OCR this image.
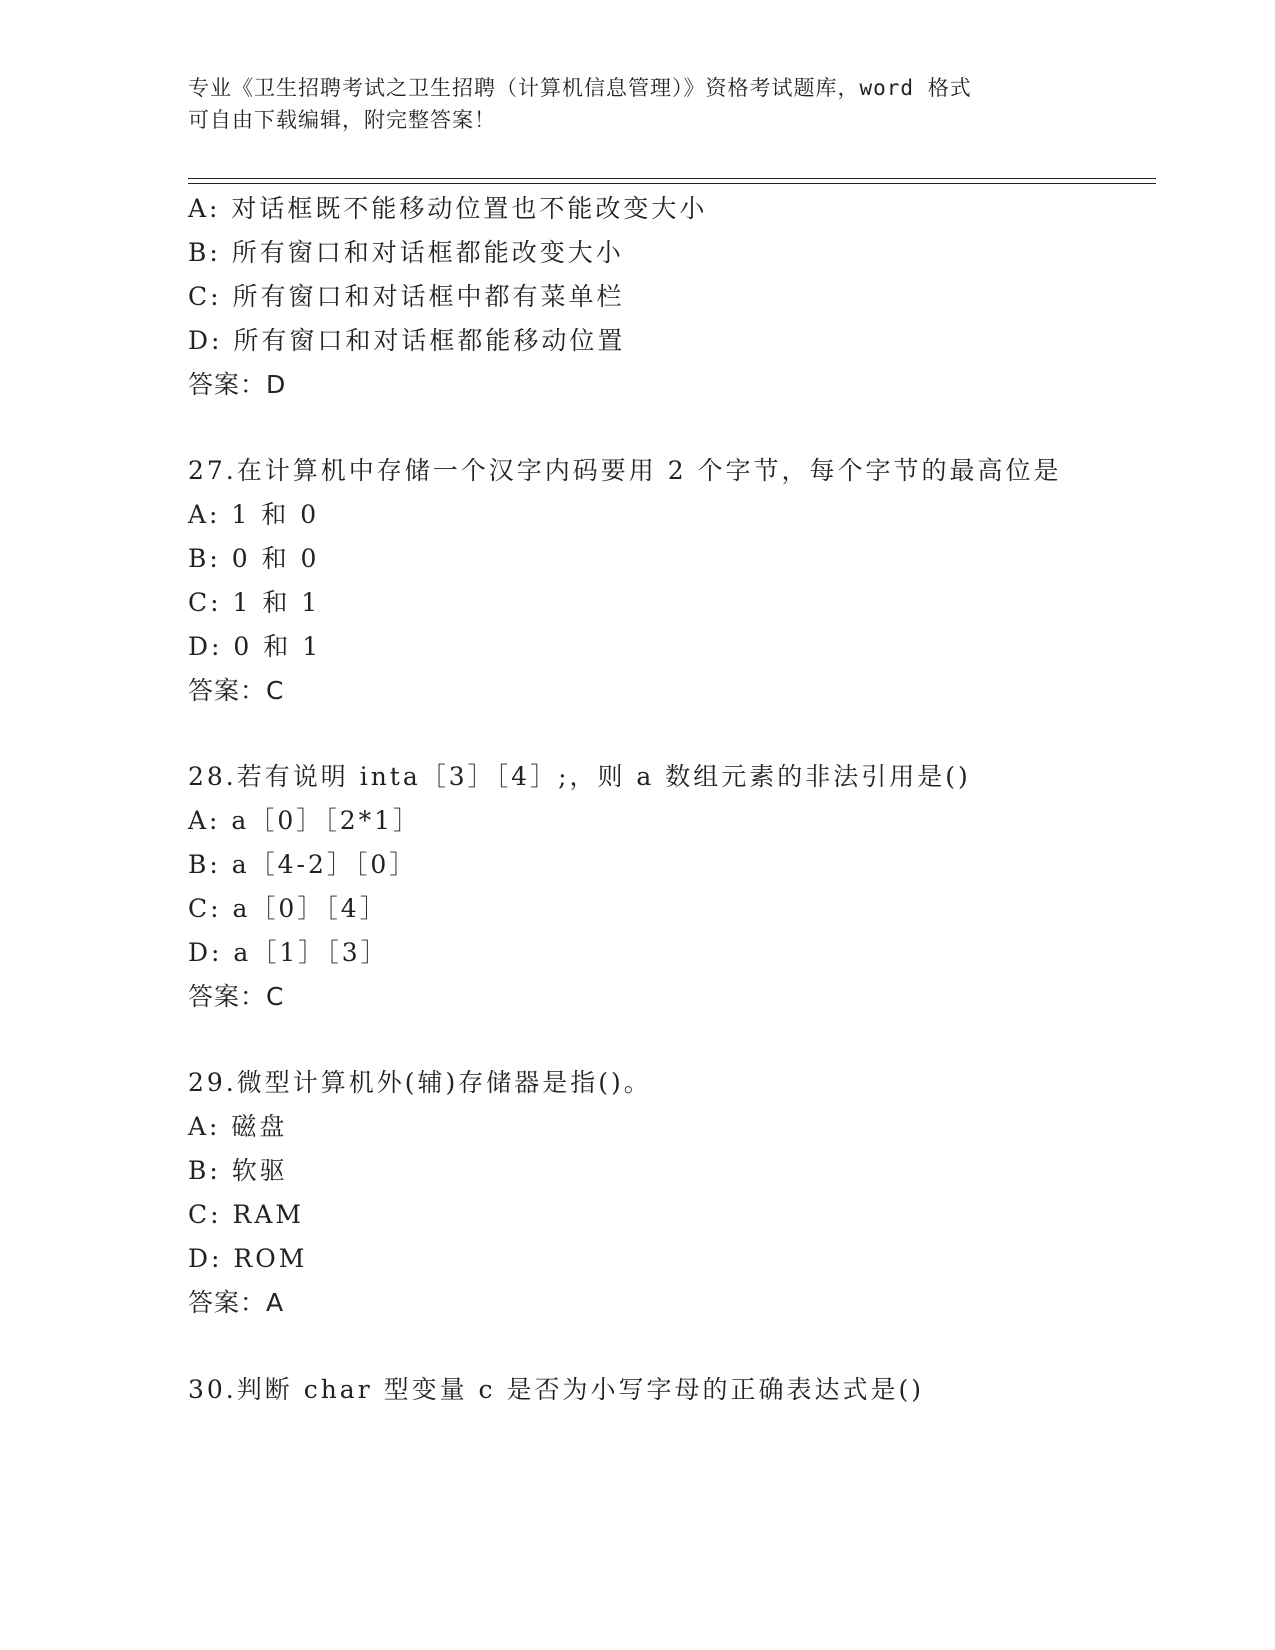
专业《卫生招聘考试之卫生招聘（计算机信息管理）》资格考试题库，word 格式
可自由下载编辑，附完整答案！
A: 对话框既不能移动位置也不能改变大小
B: 所有窗口和对话框都能改变大小
C: 所有窗口和对话框中都有菜单栏
D: 所有窗口和对话框都能移动位置
答案：D
27.在计算机中存储一个汉字内码要用 2 个字节，每个字节的最高位是
A: 1 和 0
B: 0 和 0
C: 1 和 1
D: 0 和 1
答案：C
28.若有说明 inta［3］［4］;，则 a 数组元素的非法引用是()
A: a［0］［2*1］
B: a［4-2］［0］
C: a［0］［4］
D: a［1］［3］
答案：C
29.微型计算机外(辅)存储器是指()。
A: 磁盘
B: 软驱
C: RAM
D: ROM
答案：A
30.判断 char 型变量 c 是否为小写字母的正确表达式是()
